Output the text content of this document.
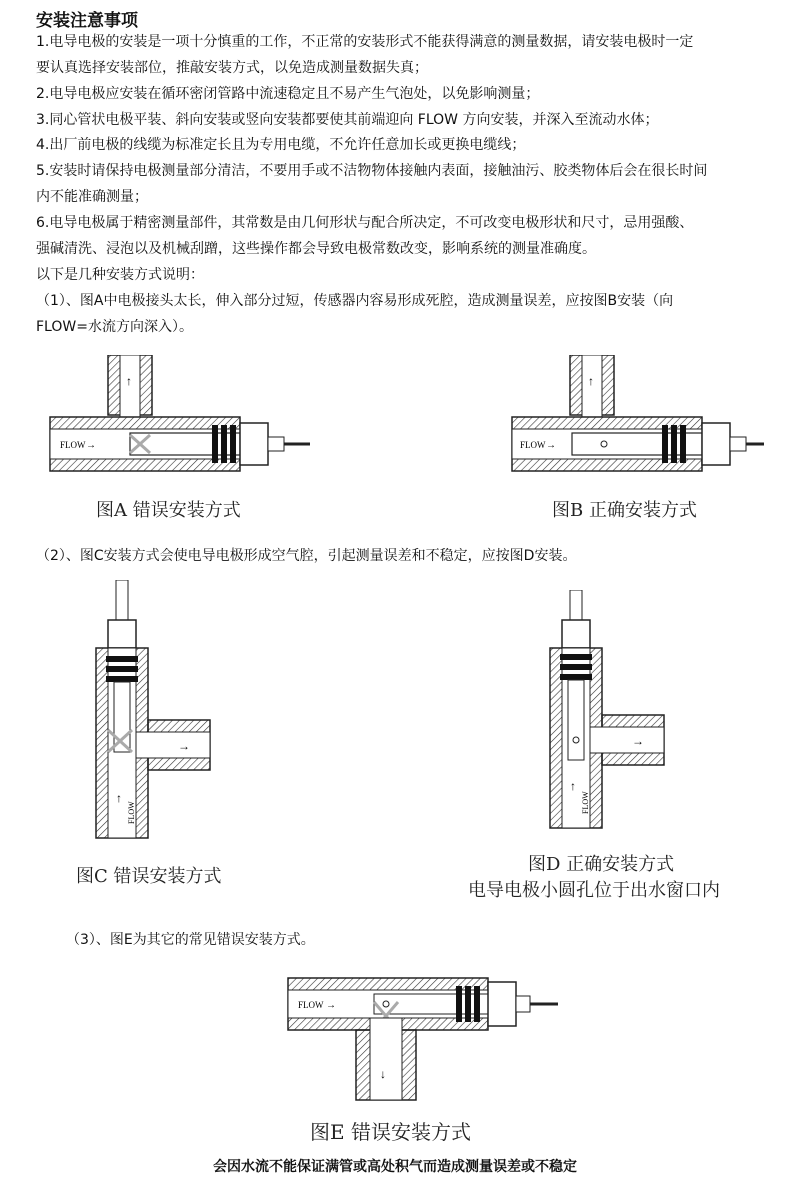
安装注意事项
1.电导电极的安装是一项十分慎重的工作，不正常的安装形式不能获得满意的测量数据，请安装电极时一定
要认真选择安装部位，推敲安装方式，以免造成测量数据失真；
2.电导电极应安装在循环密闭管路中流速稳定且不易产生气泡处，以免影响测量；
3.同心管状电极平装、斜向安装或竖向安装都要使其前端迎向 FLOW 方向安装，并深入至流动水体；
4.出厂前电极的线缆为标准定长且为专用电缆，不允许任意加长或更换电缆线；
5.安装时请保持电极测量部分清洁，不要用手或不洁物物体接触内表面，接触油污、胶类物体后会在很长时间
内不能准确测量；
6.电导电极属于精密测量部件，其常数是由几何形状与配合所决定，不可改变电极形状和尺寸，忌用强酸、
强碱清洗、浸泡以及机械刮蹭，这些操作都会导致电极常数改变，影响系统的测量准确度。
以下是几种安装方式说明：
（1）、图A中电极接头太长，伸入部分过短，传感器内容易形成死腔，造成测量误差，应按图B安装（向
FLOW=水流方向深入）。
FLOW →
↑
图A 错误安装方式
FLOW →
↑
图B 正确安装方式
（2）、图C安装方式会使电导电极形成空气腔，引起测量误差和不稳定，应按图D安装。
→
↑
FLOW
图C 错误安装方式
→
↑
FLOW
图D 正确安装方式
电导电极小圆孔位于出水窗口内
（3）、图E为其它的常见错误安装方式。
FLOW →
↓
图E 错误安装方式
会因水流不能保证满管或高处积气而造成测量误差或不稳定
